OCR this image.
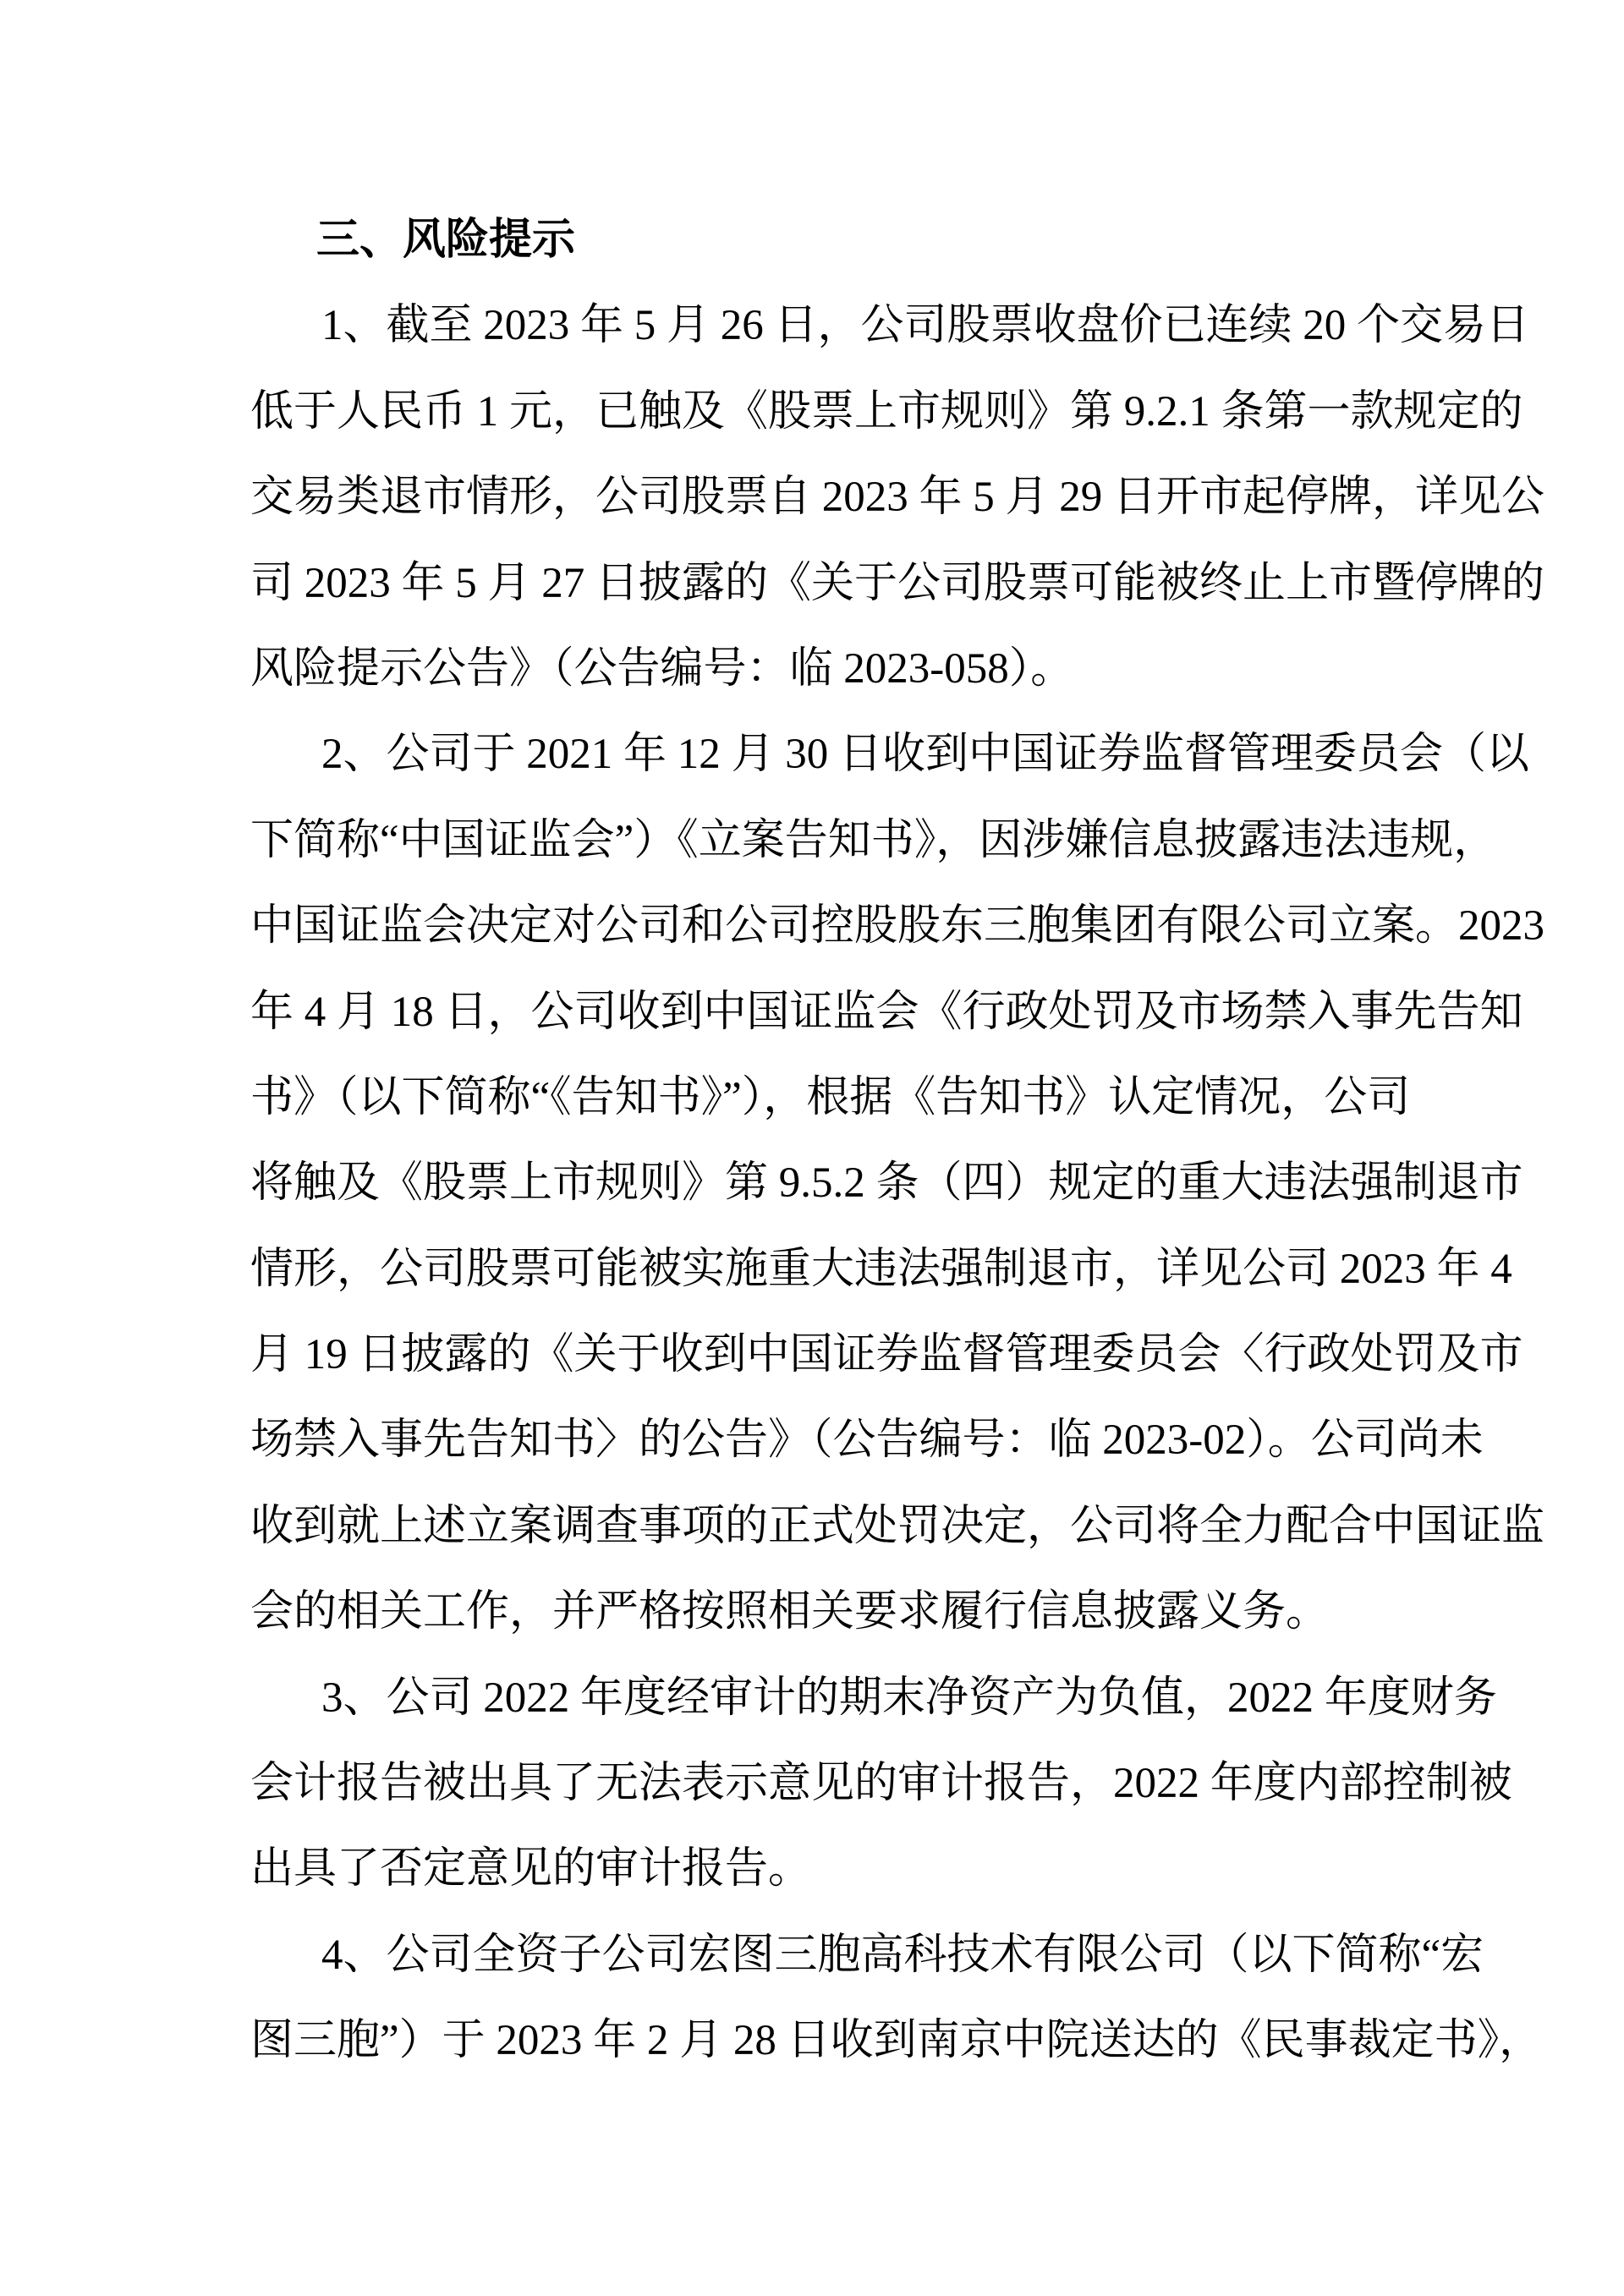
三、风险提示
1、截至 2023 年 5 月 26 日，公司股票收盘价已连续 20 个交易日
低于人民币 1 元，已触及《股票上市规则》第 9.2.1 条第一款规定的
交易类退市情形，公司股票自 2023 年 5 月 29 日开市起停牌，详见公
司 2023 年 5 月 27 日披露的《关于公司股票可能被终止上市暨停牌的
风险提示公告》（公告编号：临 2023-058）。
2、公司于 2021 年 12 月 30 日收到中国证券监督管理委员会（以
下简称“中国证监会”）《立案告知书》，因涉嫌信息披露违法违规，
中国证监会决定对公司和公司控股股东三胞集团有限公司立案。2023
年 4 月 18 日，公司收到中国证监会《行政处罚及市场禁入事先告知
书》（以下简称“《告知书》”），根据《告知书》认定情况，公司
将触及《股票上市规则》第 9.5.2 条（四）规定的重大违法强制退市
情形，公司股票可能被实施重大违法强制退市，详见公司 2023 年 4
月 19 日披露的《关于收到中国证券监督管理委员会〈行政处罚及市
场禁入事先告知书〉的公告》（公告编号：临 2023-02）。公司尚未
收到就上述立案调查事项的正式处罚决定，公司将全力配合中国证监
会的相关工作，并严格按照相关要求履行信息披露义务。
3、公司 2022 年度经审计的期末净资产为负值，2022 年度财务
会计报告被出具了无法表示意见的审计报告，2022 年度内部控制被
出具了否定意见的审计报告。
4、公司全资子公司宏图三胞高科技术有限公司（以下简称“宏
图三胞”）于 2023 年 2 月 28 日收到南京中院送达的《民事裁定书》，
